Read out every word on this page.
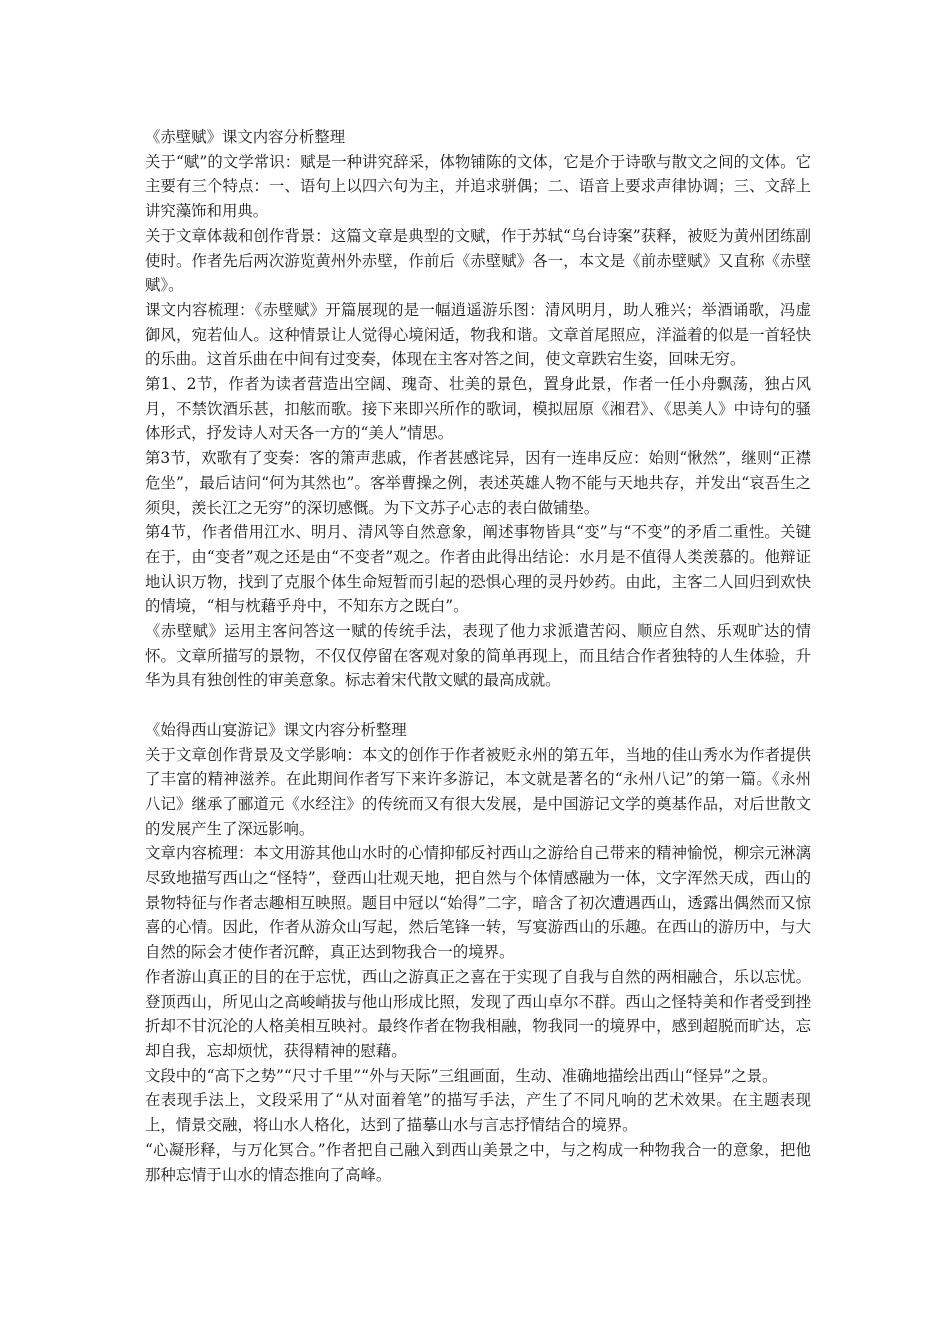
《赤壁赋》课文内容分析整理

关于“赋”的文学常识：赋是一种讲究辞采，体物铺陈的文体，它是介于诗歌与散文之间的文体。它主要有三个特点：一、语句上以四六句为主，并追求骈偶；二、语音上要求声律协调；三、文辞上讲究藻饰和用典。

关于文章体裁和创作背景：这篇文章是典型的文赋，作于苏轼“乌台诗案”获释，被贬为黄州团练副使时。作者先后两次游览黄州外赤壁，作前后《赤壁赋》各一，本文是《前赤壁赋》又直称《赤壁赋》。

课文内容梳理：《赤壁赋》开篇展现的是一幅逍遥游乐图：清风明月，助人雅兴；举酒诵歌，冯虚御风，宛若仙人。这种情景让人觉得心境闲适，物我和谐。文章首尾照应，洋溢着的似是一首轻快的乐曲。这首乐曲在中间有过变奏，体现在主客对答之间，使文章跌宕生姿，回味无穷。

第1、2节，作者为读者营造出空阔、瑰奇、壮美的景色，置身此景，作者一任小舟飘荡，独占风月，不禁饮酒乐甚，扣舷而歌。接下来即兴所作的歌词，模拟屈原《湘君》、《思美人》中诗句的骚体形式，抒发诗人对天各一方的“美人”情思。

第3节，欢歌有了变奏：客的箫声悲戚，作者甚感诧异，因有一连串反应：始则“愀然”，继则“正襟危坐”，最后诘问“何为其然也”。客举曹操之例，表述英雄人物不能与天地共存，并发出“哀吾生之须臾，羡长江之无穷”的深切感慨。为下文苏子心志的表白做铺垫。

第4节，作者借用江水、明月、清风等自然意象，阐述事物皆具“变”与“不变”的矛盾二重性。关键在于，由“变者”观之还是由“不变者”观之。作者由此得出结论：水月是不值得人类羡慕的。他辩证地认识万物，找到了克服个体生命短暂而引起的恐惧心理的灵丹妙药。由此，主客二人回归到欢快的情境，“相与枕藉乎舟中，不知东方之既白”。

《赤壁赋》运用主客问答这一赋的传统手法，表现了他力求派遣苦闷、顺应自然、乐观旷达的情怀。文章所描写的景物，不仅仅停留在客观对象的简单再现上，而且结合作者独特的人生体验，升华为具有独创性的审美意象。标志着宋代散文赋的最高成就。

《始得西山宴游记》课文内容分析整理

关于文章创作背景及文学影响：本文的创作于作者被贬永州的第五年，当地的佳山秀水为作者提供了丰富的精神滋养。在此期间作者写下来许多游记，本文就是著名的“永州八记”的第一篇。《永州八记》继承了郦道元《水经注》的传统而又有很大发展，是中国游记文学的奠基作品，对后世散文的发展产生了深远影响。

文章内容梳理：本文用游其他山水时的心情抑郁反衬西山之游给自己带来的精神愉悦，柳宗元淋漓尽致地描写西山之“怪特”，登西山壮观天地，把自然与个体情感融为一体，文字浑然天成，西山的景物特征与作者志趣相互映照。题目中冠以“始得”二字，暗含了初次遭遇西山，透露出偶然而又惊喜的心情。因此，作者从游众山写起，然后笔锋一转，写宴游西山的乐趣。在西山的游历中，与大自然的际会才使作者沉醉，真正达到物我合一的境界。

作者游山真正的目的在于忘忧，西山之游真正之喜在于实现了自我与自然的两相融合，乐以忘忧。登顶西山，所见山之高峻峭拔与他山形成比照，发现了西山卓尔不群。西山之怪特美和作者受到挫折却不甘沉沦的人格美相互映衬。最终作者在物我相融，物我同一的境界中，感到超脱而旷达，忘却自我，忘却烦忧，获得精神的慰藉。

文段中的“高下之势”“尺寸千里”“外与天际”三组画面，生动、准确地描绘出西山“怪异”之景。

在表现手法上，文段采用了“从对面着笔”的描写手法，产生了不同凡响的艺术效果。在主题表现上，情景交融，将山水人格化，达到了描摹山水与言志抒情结合的境界。

“心凝形释，与万化冥合。”作者把自己融入到西山美景之中，与之构成一种物我合一的意象，把他那种忘情于山水的情态推向了高峰。
